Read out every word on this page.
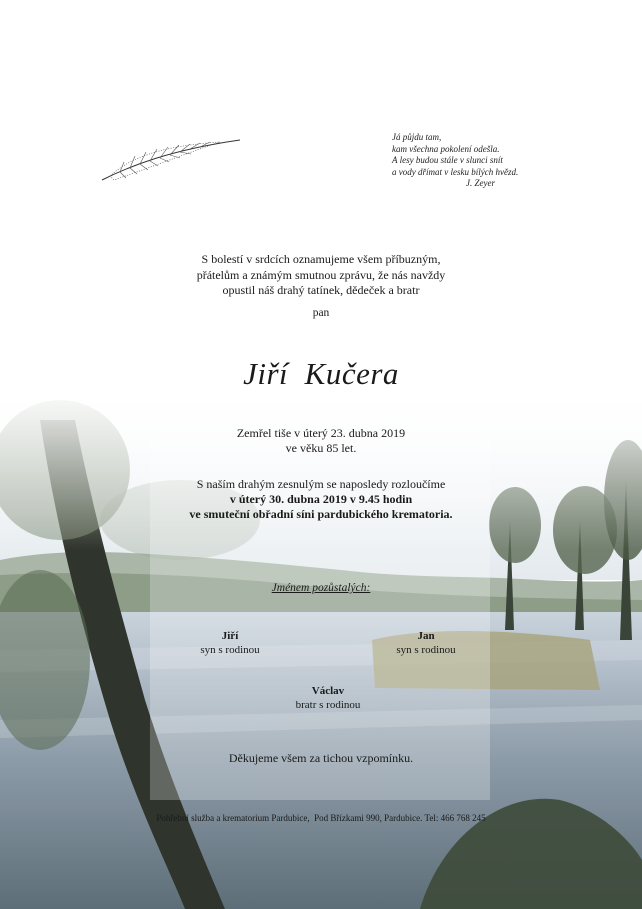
Já půjdu tam,
kam všechna pokolení odešla.
A lesy budou stále v slunci snít
a vody dřímat v lesku bílých hvězd.
J. Zeyer
S bolestí v srdcích oznamujeme všem příbuzným,
přátelům a známým smutnou zprávu, že nás navždy
opustil náš drahý tatínek, dědeček a bratr
pan
Jiří  Kučera
Zemřel tiše v úterý 23. dubna 2019
ve věku 85 let.
S naším drahým zesnulým se naposledy rozloučíme
v úterý 30. dubna 2019 v 9.45 hodin
ve smuteční obřadní síni pardubického krematoria.
Jménem pozůstalých:
Jiří
syn s rodinou
Jan
syn s rodinou
Václav
bratr s rodinou
Děkujeme všem za tichou vzpomínku.
Pohřební služba a krematorium Pardubice,  Pod Břízkami 990, Pardubice. Tel: 466 768 245
